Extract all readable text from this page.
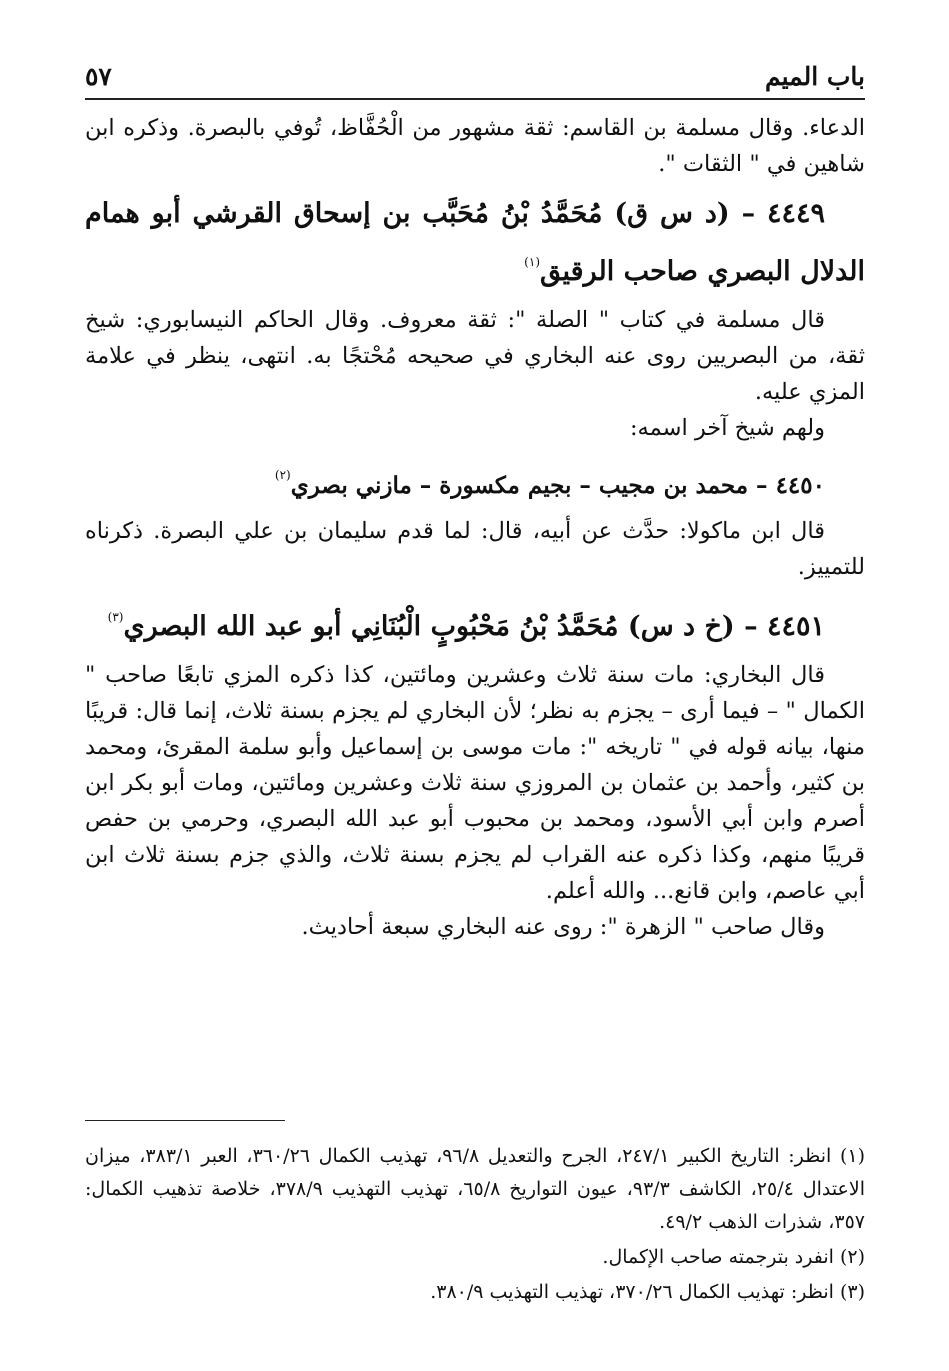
باب الميم
٥٧

الدعاء. وقال مسلمة بن القاسم: ثقة مشهور من الْحُفَّاظ، تُوفي بالبصرة. وذكره ابن شاهين في " الثقات ".

٤٤٤٩ – (د س ق) مُحَمَّدُ بْنُ مُحَبَّب بن إسحاق القرشي أبو همام الدلال البصري صاحب الرقيق$^{(١)}$

قال مسلمة في كتاب " الصلة ": ثقة معروف. وقال الحاكم النيسابوري: شيخ ثقة، من البصريين روى عنه البخاري في صحيحه مُحْتجًا به. انتهى، ينظر في علامة المزي عليه.

ولهم شيخ آخر اسمه:

٤٤٥٠ – محمد بن مجيب – بجيم مكسورة – مازني بصري$^{(٢)}$

قال ابن ماكولا: حدَّث عن أبيه، قال: لما قدم سليمان بن علي البصرة. ذكرناه للتمييز.

٤٤٥١ – (خ د س) مُحَمَّدُ بْنُ مَحْبُوبٍ الْبُنَانِي أبو عبد الله البصري$^{(٣)}$

قال البخاري: مات سنة ثلاث وعشرين ومائتين، كذا ذكره المزي تابعًا صاحب " الكمال " – فيما أرى – يجزم به نظر؛ لأن البخاري لم يجزم بسنة ثلاث، إنما قال: قريبًا منها، بيانه قوله في " تاريخه ": مات موسى بن إسماعيل وأبو سلمة المقرئ، ومحمد بن كثير، وأحمد بن عثمان بن المروزي سنة ثلاث وعشرين ومائتين، ومات أبو بكر ابن أصرم وابن أبي الأسود، ومحمد بن محبوب أبو عبد الله البصري، وحرمي بن حفص قريبًا منهم، وكذا ذكره عنه القراب لم يجزم بسنة ثلاث، والذي جزم بسنة ثلاث ابن أبي عاصم، وابن قانع... والله أعلم.

وقال صاحب " الزهرة ": روى عنه البخاري سبعة أحاديث.

(١) انظر: التاريخ الكبير ٢٤٧/١، الجرح والتعديل ٩٦/٨، تهذيب الكمال ٣٦٠/٢٦، العبر ٣٨٣/١، ميزان الاعتدال ٢٥/٤، الكاشف ٩٣/٣، عيون التواريخ ٦٥/٨، تهذيب التهذيب ٣٧٨/٩، خلاصة تذهيب الكمال: ٣٥٧، شذرات الذهب ٤٩/٢.

(٢) انفرد بترجمته صاحب الإكمال.

(٣) انظر: تهذيب الكمال ٣٧٠/٢٦، تهذيب التهذيب ٣٨٠/٩.
